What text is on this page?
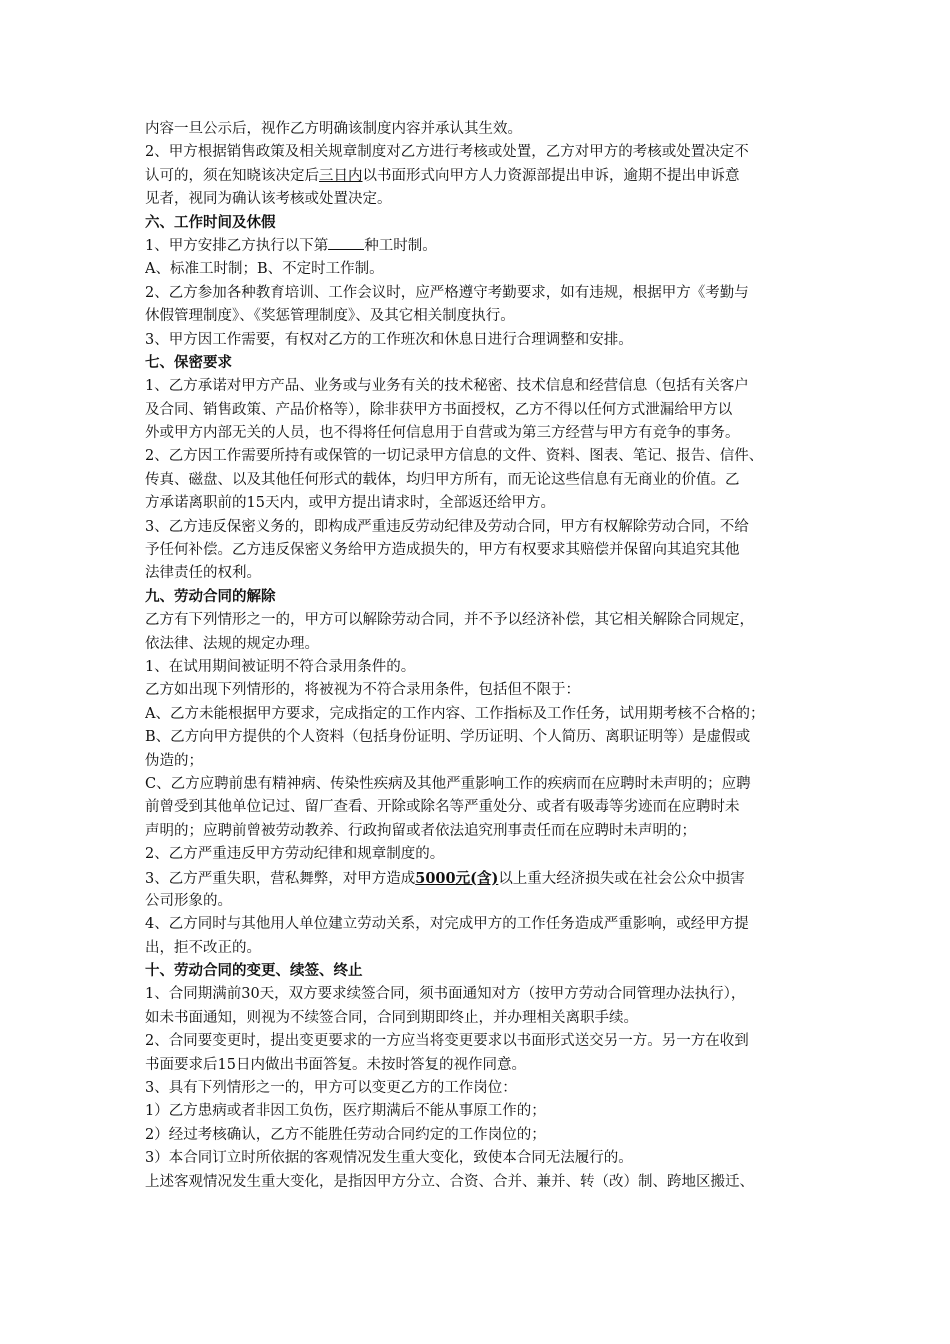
内容一旦公示后，视作乙方明确该制度内容并承认其生效。
2、甲方根据销售政策及相关规章制度对乙方进行考核或处置，乙方对甲方的考核或处置决定不
认可的，须在知晓该决定后三日内以书面形式向甲方人力资源部提出申诉，逾期不提出申诉意
见者，视同为确认该考核或处置决定。
六、工作时间及休假
1、甲方安排乙方执行以下第 种工时制。
A、标准工时制；B、不定时工作制。
2、乙方参加各种教育培训、工作会议时，应严格遵守考勤要求，如有违规，根据甲方《考勤与
休假管理制度》、《奖惩管理制度》、及其它相关制度执行。
3、甲方因工作需要，有权对乙方的工作班次和休息日进行合理调整和安排。
七、保密要求
1、乙方承诺对甲方产品、业务或与业务有关的技术秘密、技术信息和经营信息（包括有关客户
及合同、销售政策、产品价格等），除非获甲方书面授权，乙方不得以任何方式泄漏给甲方以
外或甲方内部无关的人员，也不得将任何信息用于自营或为第三方经营与甲方有竞争的事务。
2、乙方因工作需要所持有或保管的一切记录甲方信息的文件、资料、图表、笔记、报告、信件、
传真、磁盘、以及其他任何形式的载体，均归甲方所有，而无论这些信息有无商业的价值。乙
方承诺离职前的15天内，或甲方提出请求时，全部返还给甲方。
3、乙方违反保密义务的，即构成严重违反劳动纪律及劳动合同，甲方有权解除劳动合同，不给
予任何补偿。乙方违反保密义务给甲方造成损失的，甲方有权要求其赔偿并保留向其追究其他
法律责任的权利。
九、劳动合同的解除
乙方有下列情形之一的，甲方可以解除劳动合同，并不予以经济补偿，其它相关解除合同规定，
依法律、法规的规定办理。
1、在试用期间被证明不符合录用条件的。
乙方如出现下列情形的，将被视为不符合录用条件，包括但不限于：
A、乙方未能根据甲方要求，完成指定的工作内容、工作指标及工作任务，试用期考核不合格的；
B、乙方向甲方提供的个人资料（包括身份证明、学历证明、个人简历、离职证明等）是虚假或
伪造的；
C、乙方应聘前患有精神病、传染性疾病及其他严重影响工作的疾病而在应聘时未声明的；应聘
前曾受到其他单位记过、留厂查看、开除或除名等严重处分、或者有吸毒等劣迹而在应聘时未
声明的；应聘前曾被劳动教养、行政拘留或者依法追究刑事责任而在应聘时未声明的；
2、乙方严重违反甲方劳动纪律和规章制度的。
3、乙方严重失职，营私舞弊，对甲方造成5000元(含)以上重大经济损失或在社会公众中损害
公司形象的。
4、乙方同时与其他用人单位建立劳动关系，对完成甲方的工作任务造成严重影响，或经甲方提
出，拒不改正的。
十、劳动合同的变更、续签、终止
1、合同期满前30天，双方要求续签合同，须书面通知对方（按甲方劳动合同管理办法执行），
如未书面通知，则视为不续签合同，合同到期即终止，并办理相关离职手续。
2、合同要变更时，提出变更要求的一方应当将变更要求以书面形式送交另一方。另一方在收到
书面要求后15日内做出书面答复。未按时答复的视作同意。
3、具有下列情形之一的，甲方可以变更乙方的工作岗位：
1）乙方患病或者非因工负伤，医疗期满后不能从事原工作的；
2）经过考核确认，乙方不能胜任劳动合同约定的工作岗位的；
3）本合同订立时所依据的客观情况发生重大变化，致使本合同无法履行的。
上述客观情况发生重大变化，是指因甲方分立、合资、合并、兼并、转（改）制、跨地区搬迁、
